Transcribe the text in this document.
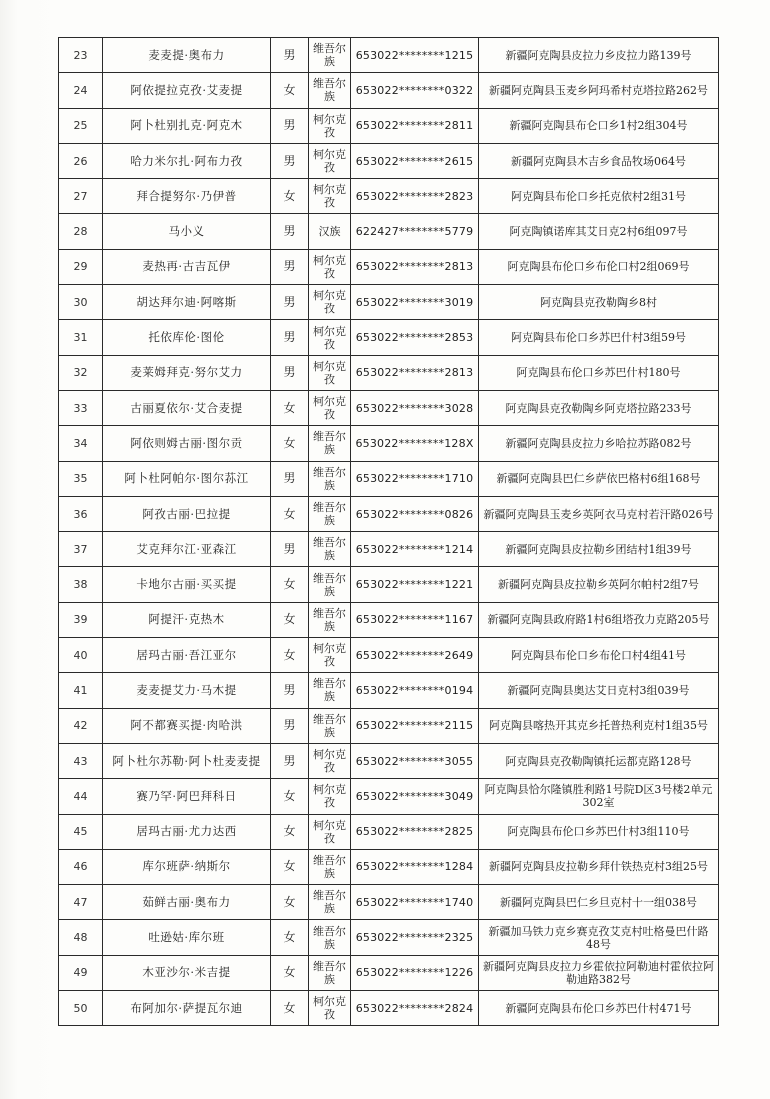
23	麦麦提·奥布力	男	维吾尔族	653022********1215	新疆阿克陶县皮拉力乡皮拉力路139号
24	阿依提拉克孜·艾麦提	女	维吾尔族	653022********0322	新疆阿克陶县玉麦乡阿玛希村克塔拉路262号
25	阿卜杜别扎克·阿克木	男	柯尔克孜	653022********2811	新疆阿克陶县布仑口乡1村2组304号
26	哈力米尔扎·阿布力孜	男	柯尔克孜	653022********2615	新疆阿克陶县木吉乡食品牧场064号
27	拜合提努尔·乃伊普	女	柯尔克孜	653022********2823	阿克陶县布伦口乡托克依村2组31号
28	马小义	男	汉族	622427********5779	阿克陶镇诺库其艾日克2村6组097号
29	麦热再·古吉瓦伊	男	柯尔克孜	653022********2813	阿克陶县布伦口乡布伦口村2组069号
30	胡达拜尔迪·阿喀斯	男	柯尔克孜	653022********3019	阿克陶县克孜勒陶乡8村
31	托依库伦·图伦	男	柯尔克孜	653022********2853	阿克陶县布伦口乡苏巴什村3组59号
32	麦莱姆拜克·努尔艾力	男	柯尔克孜	653022********2813	阿克陶县布伦口乡苏巴什村180号
33	古丽夏依尔·艾合麦提	女	柯尔克孜	653022********3028	阿克陶县克孜勒陶乡阿克塔拉路233号
34	阿依则姆古丽·图尔贡	女	维吾尔族	653022********128X	新疆阿克陶县皮拉力乡哈拉苏路082号
35	阿卜杜阿帕尔·图尔荪江	男	维吾尔族	653022********1710	新疆阿克陶县巴仁乡萨依巴格村6组168号
36	阿孜古丽·巴拉提	女	维吾尔族	653022********0826	新疆阿克陶县玉麦乡英阿衣马克村若汗路026号
37	艾克拜尔江·亚森江	男	维吾尔族	653022********1214	新疆阿克陶县皮拉勒乡团结村1组39号
38	卡地尔古丽·买买提	女	维吾尔族	653022********1221	新疆阿克陶县皮拉勒乡英阿尔帕村2组7号
39	阿提汗·克热木	女	维吾尔族	653022********1167	新疆阿克陶县政府路1村6组塔孜力克路205号
40	居玛古丽·吾江亚尔	女	柯尔克孜	653022********2649	阿克陶县布伦口乡布伦口村4组41号
41	麦麦提艾力·马木提	男	维吾尔族	653022********0194	新疆阿克陶县奥达艾日克村3组039号
42	阿不都赛买提·肉哈洪	男	维吾尔族	653022********2115	阿克陶县喀热开其克乡托普热利克村1组35号
43	阿卜杜尔苏勒·阿卜杜麦麦提	男	柯尔克孜	653022********3055	阿克陶县克孜勒陶镇托运都克路128号
44	赛乃罕·阿巴拜科日	女	柯尔克孜	653022********3049	阿克陶县恰尔隆镇胜利路1号院D区3号楼2单元302室
45	居玛古丽·尤力达西	女	柯尔克孜	653022********2825	阿克陶县布伦口乡苏巴什村3组110号
46	库尔班萨·纳斯尔	女	维吾尔族	653022********1284	新疆阿克陶县皮拉勒乡拜什铁热克村3组25号
47	茹鲜古丽·奥布力	女	维吾尔族	653022********1740	新疆阿克陶县巴仁乡旦克村十一组038号
48	吐逊姑·库尔班	女	维吾尔族	653022********2325	新疆加马铁力克乡赛克孜艾克村吐格曼巴什路48号
49	木亚沙尔·米吉提	女	维吾尔族	653022********1226	新疆阿克陶县皮拉力乡霍依拉阿勒迪村霍依拉阿勒迪路382号
50	布阿加尔·萨提瓦尔迪	女	柯尔克孜	653022********2824	新疆阿克陶县布伦口乡苏巴什村471号
